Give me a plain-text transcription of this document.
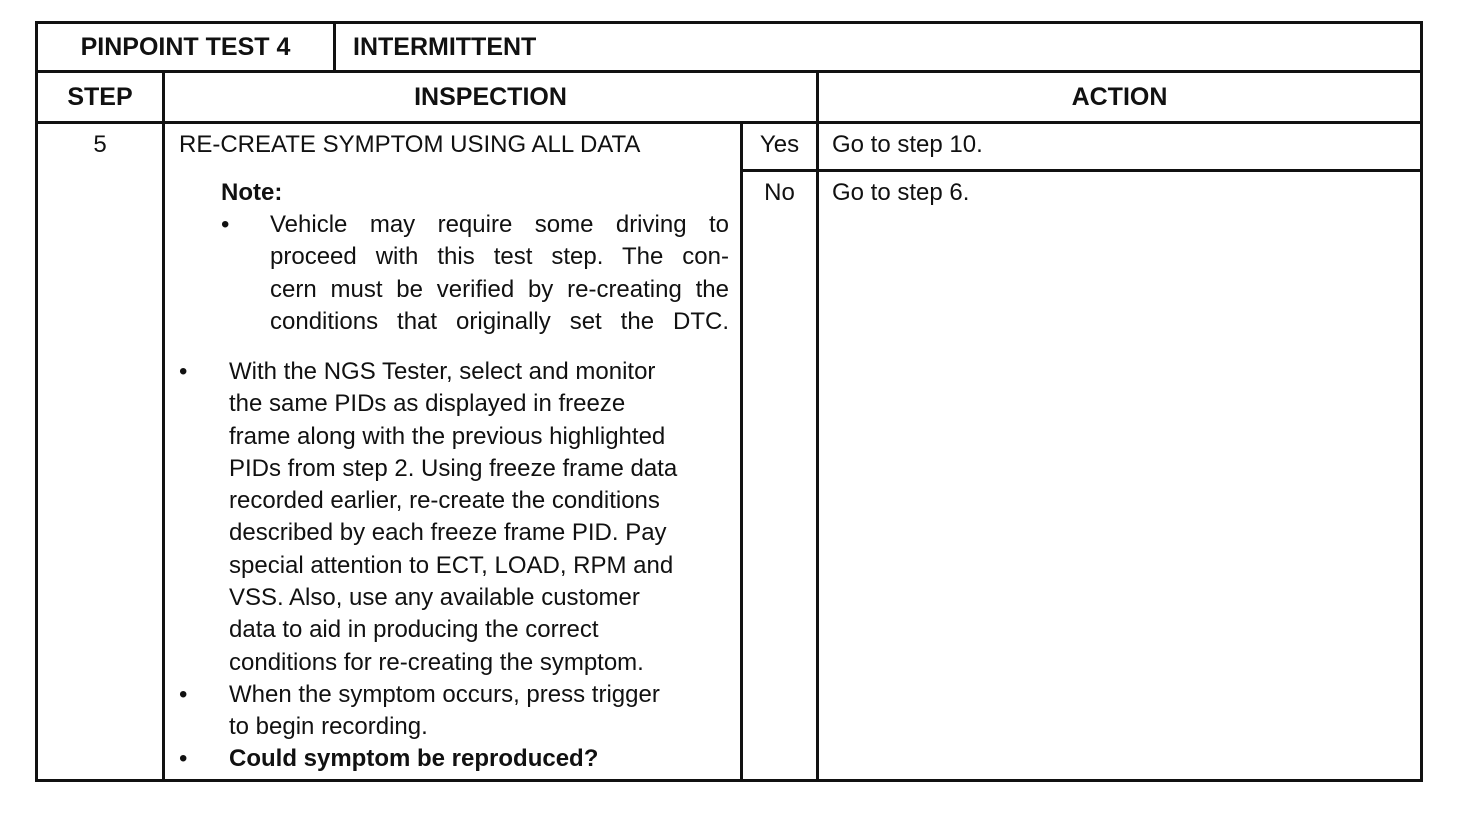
PINPOINT TEST 4	INTERMITTENT
STEP	INSPECTION	ACTION
5	RE-CREATE SYMPTOM USING ALL DATA
Note:
• Vehicle may require some driving to
proceed with this test step. The con-
cern must be verified by re-creating the
conditions that originally set the DTC.
• With the NGS Tester, select and monitor
the same PIDs as displayed in freeze
frame along with the previous highlighted
PIDs from step 2. Using freeze frame data
recorded earlier, re-create the conditions
described by each freeze frame PID. Pay
special attention to ECT, LOAD, RPM and
VSS. Also, use any available customer
data to aid in producing the correct
conditions for re-creating the symptom.
• When the symptom occurs, press trigger
to begin recording.
• Could symptom be reproduced?
Yes	Go to step 10.
No	Go to step 6.
